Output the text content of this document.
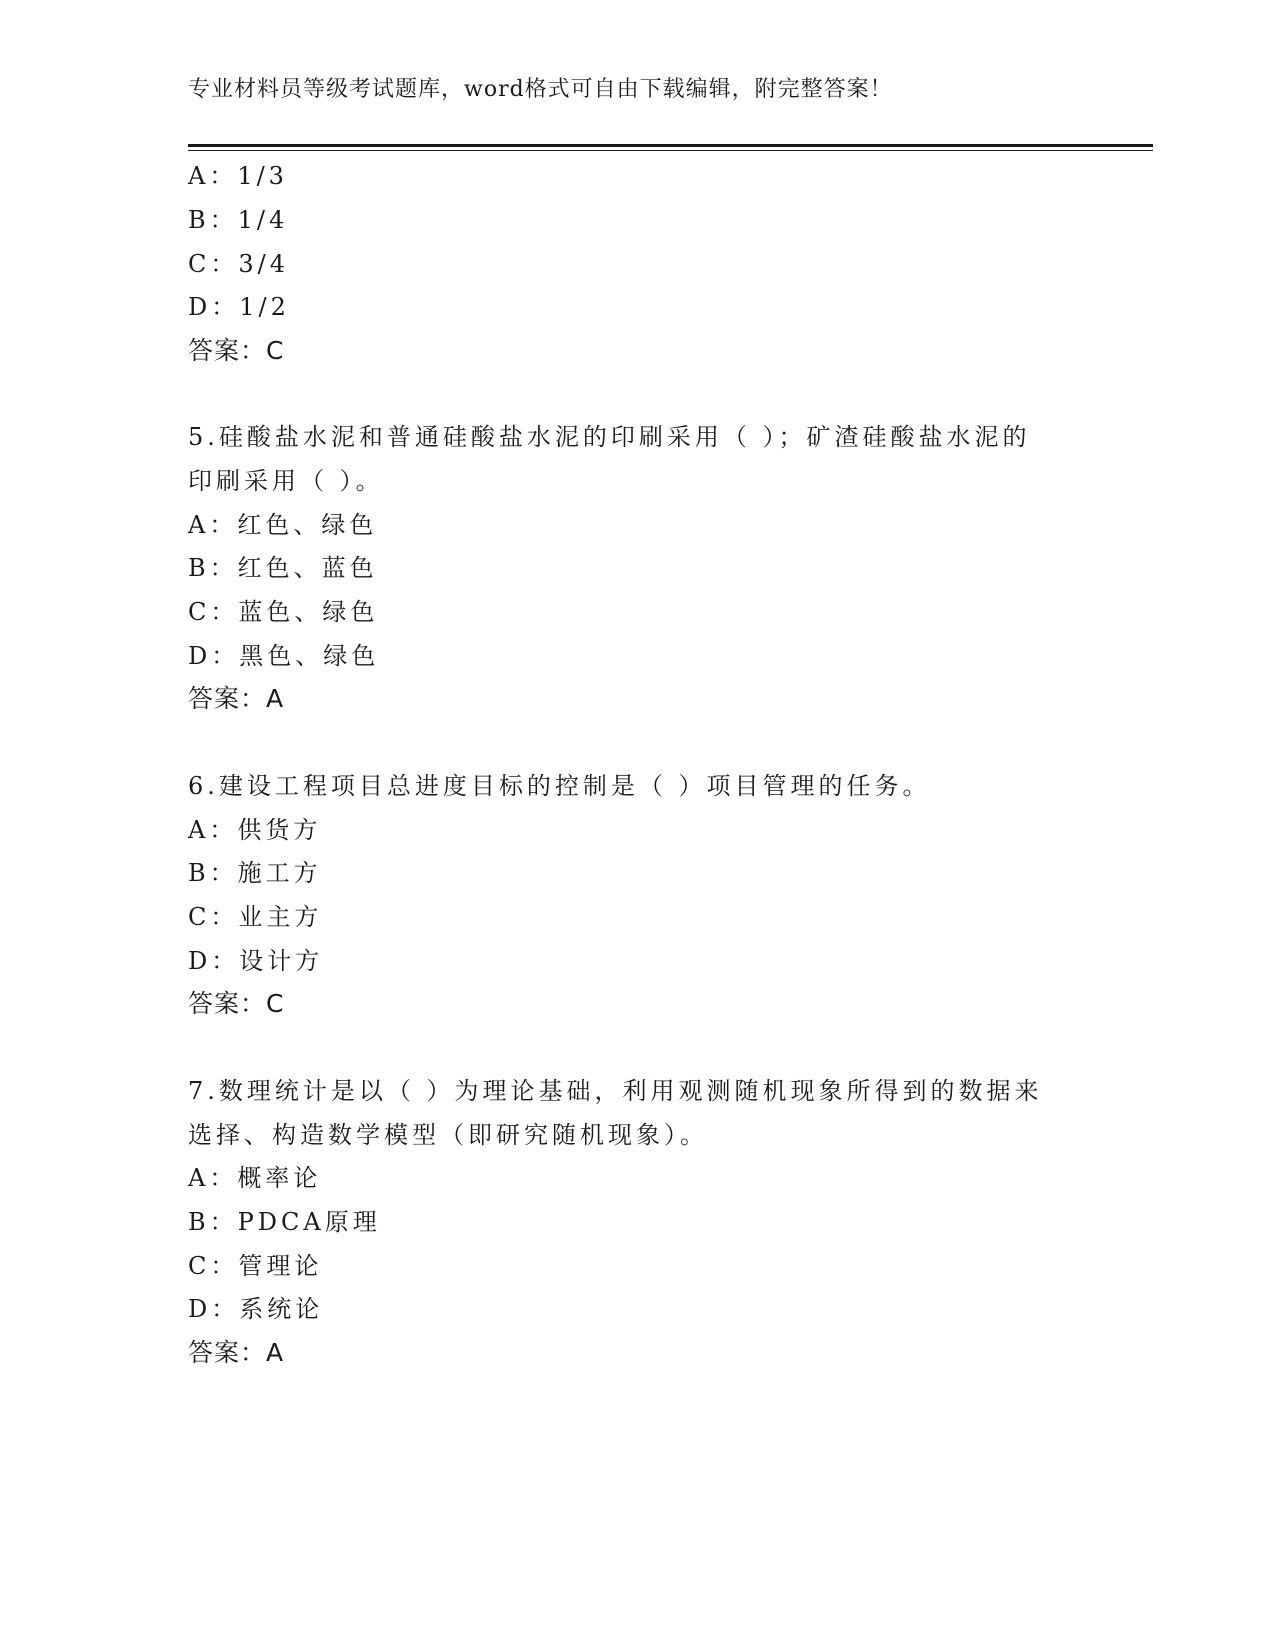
专业材料员等级考试题库，word格式可自由下载编辑，附完整答案！
A：1/3
B：1/4
C：3/4
D：1/2
答案：C
5.硅酸盐水泥和普通硅酸盐水泥的印刷采用（ ）；矿渣硅酸盐水泥的
印刷采用（ ）。
A：红色、绿色
B：红色、蓝色
C：蓝色、绿色
D：黑色、绿色
答案：A
6.建设工程项目总进度目标的控制是（ ）项目管理的任务。
A：供货方
B：施工方
C：业主方
D：设计方
答案：C
7.数理统计是以（ ）为理论基础，利用观测随机现象所得到的数据来
选择、构造数学模型（即研究随机现象）。
A：概率论
B：PDCA原理
C：管理论
D：系统论
答案：A
